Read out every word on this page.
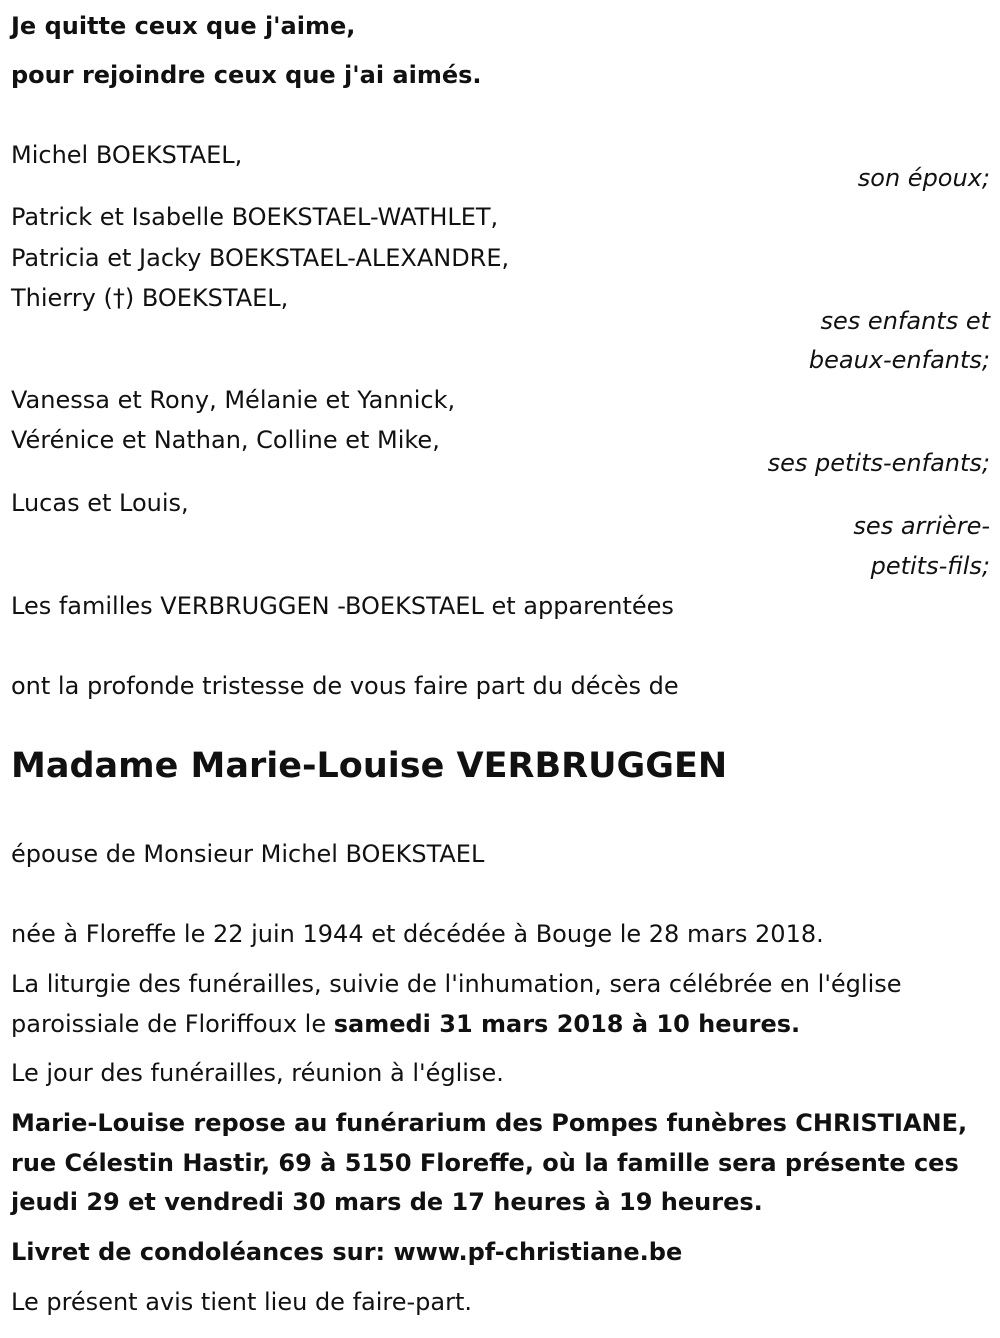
Je quitte ceux que j'aime,
pour rejoindre ceux que j'ai aimés.
Michel BOEKSTAEL,
son époux;
Patrick et Isabelle BOEKSTAEL-WATHLET,
Patricia et Jacky BOEKSTAEL-ALEXANDRE,
Thierry (†) BOEKSTAEL,
ses enfants et
beaux-enfants;
Vanessa et Rony, Mélanie et Yannick,
Vérénice et Nathan, Colline et Mike,
ses petits-enfants;
Lucas et Louis,
ses arrière-
petits-fils;
Les familles VERBRUGGEN -BOEKSTAEL et apparentées
ont la profonde tristesse de vous faire part du décès de
Madame Marie-Louise VERBRUGGEN
épouse de Monsieur Michel BOEKSTAEL
née à Floreffe le 22 juin 1944 et décédée à Bouge le 28 mars 2018.
La liturgie des funérailles, suivie de l'inhumation, sera célébrée en l'église
paroissiale de Floriffoux le samedi 31 mars 2018 à 10 heures.
Le jour des funérailles, réunion à l'église.
Marie-Louise repose au funérarium des Pompes funèbres CHRISTIANE,
rue Célestin Hastir, 69 à 5150 Floreffe, où la famille sera présente ces
jeudi 29 et vendredi 30 mars de 17 heures à 19 heures.
Livret de condoléances sur: www.pf-christiane.be
Le présent avis tient lieu de faire-part.
